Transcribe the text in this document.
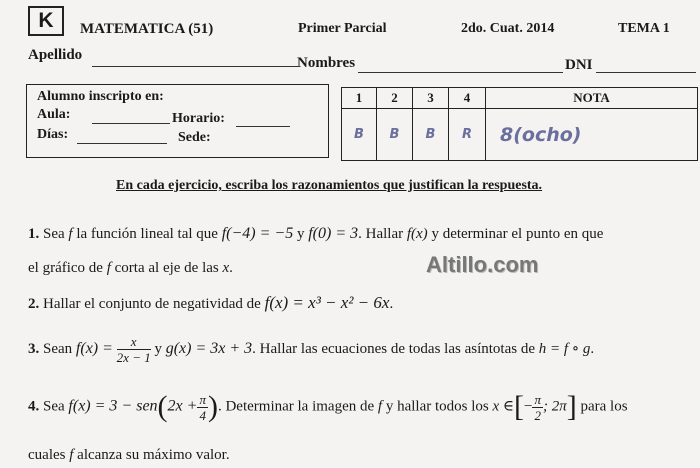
K	MATEMATICA (51)	Primer Parcial	2do. Cuat. 2014	TEMA 1
Apellido	Nombres	DNI
Alumno inscripto en:
Aula:	Horario:
Días:	Sede:
1	2	3	4	NOTA
B	B	B	R	8(ocho)
En cada ejercicio, escriba los razonamientos que justifican la respuesta.
1. Sea f la función lineal tal que f(−4) = −5 y f(0) = 3. Hallar f(x) y determinar el punto en que
el gráfico de f corta al eje de las x.	Altillo.com
2. Hallar el conjunto de negatividad de f(x) = x³ − x² − 6x.
3. Sean $f(x) = \frac{x}{2x - 1}$ y g(x) = 3x + 3. Hallar las ecuaciones de todas las asíntotas de h = f ∘ g.
4. Sea $f(x) = 3 - sen(2x + \frac{\pi}{4}$ ). Determinar la imagen de f y hallar todos los x ∈[− $\frac{\pi}{2}$ ; 2π] para los
cuales f alcanza su máximo valor.
